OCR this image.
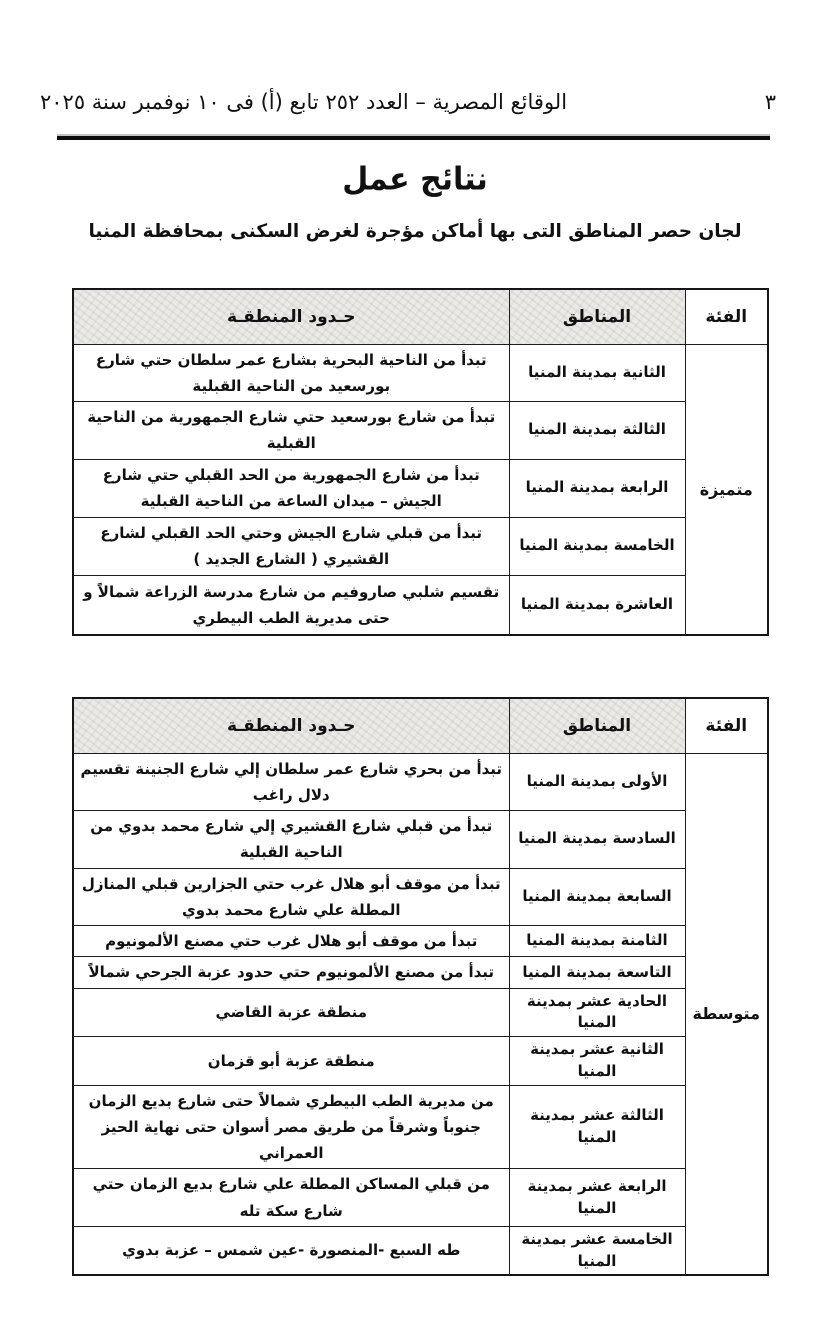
٣
الوقائع المصرية – العدد ٢٥٢ تابع (أ) فى ١٠ نوفمبر سنة ٢٠٢٥
نتائج عمل
لجان حصر المناطق التى بها أماكن مؤجرة لغرض السكنى بمحافظة المنيا
الفئة	المناطق	حـدود المنطقـة
متميزة	الثانية بمدينة المنيا	تبدأ من الناحية البحرية بشارع عمر سلطان حتي شارع بورسعيد من الناحية القبلية
	الثالثة بمدينة المنيا	تبدأ من شارع بورسعيد حتي شارع الجمهورية من الناحية القبلية
	الرابعة بمدينة المنيا	تبدأ من شارع الجمهورية من الحد القبلي حتي شارع الجيش – ميدان الساعة من الناحية القبلية
	الخامسة بمدينة المنيا	تبدأ من قبلي شارع الجيش وحتي الحد القبلي لشارع القشيري ( الشارع الجديد )
	العاشرة بمدينة المنيا	تقسيم شلبي صاروفيم من شارع مدرسة الزراعة شمالاً و حتى مديرية الطب البيطري
الفئة	المناطق	حـدود المنطقـة
متوسطة	الأولى بمدينة المنيا	تبدأ من بحري شارع عمر سلطان إلي شارع الجنينة تقسيم دلال راغب
	السادسة بمدينة المنيا	تبدأ من قبلي شارع القشيري إلي شارع محمد بدوي من الناحية القبلية
	السابعة بمدينة المنيا	تبدأ من موقف أبو هلال غرب حتي الجزارين قبلي المنازل المطلة علي شارع محمد بدوي
	الثامنة بمدينة المنيا	تبدأ من موقف أبو هلال غرب حتي مصنع الألمونيوم
	التاسعة بمدينة المنيا	تبدأ من مصنع الألمونيوم حتي حدود عزبة الجرحي شمالاً
	الحادية عشر بمدينة المنيا	منطقة عزبة القاضي
	الثانية عشر بمدينة المنيا	منطقة عزبة أبو قزمان
	الثالثة عشر بمدينة المنيا	من مديرية الطب البيطري شمالاً حتى شارع بديع الزمان جنوباً وشرقاً من طريق مصر أسوان حتى نهاية الحيز العمراني
	الرابعة عشر بمدينة المنيا	من قبلي المساكن المطلة علي شارع بديع الزمان حتي شارع سكة تله
	الخامسة عشر بمدينة المنيا	طه السبع -المنصورة -عين شمس – عزبة بدوي
